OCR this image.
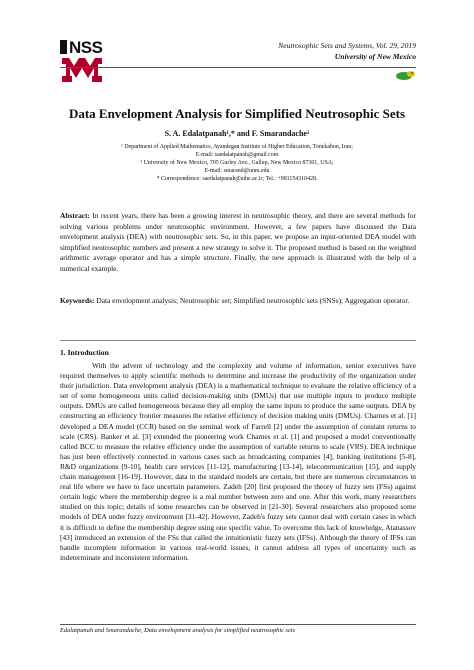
NSS	Neutrosophic Sets and Systems, Vol. 29, 2019
University of New Mexico
Data Envelopment Analysis for Simplified Neutrosophic Sets
S. A. Edalatpanah¹,* and F. Smarandache²
¹ Department of Applied Mathematics, Ayandegan Institute of Higher Education, Tonekabon, Iran;
E-mail: saedalatpanah@gmail.com
² University of New Mexico, 705 Gurley Ave., Gallup, New Mexico 87301, USA;
E-mail: smarand@unm.edu
* Correspondence: saedalatpanah@aihe.ac.ir; Tel.: +981154310428.
Abstract: In recent years, there has been a growing interest in neutrosophic theory, and there are several methods for solving various problems under neutrosophic environment. However, a few papers have discussed the Data envelopment analysis (DEA) with neutrosophic sets. So, in this paper, we propose an input-oriented DEA model with simplified neutrosophic numbers and present a new strategy to solve it. The proposed method is based on the weighted arithmetic average operator and has a simple structure. Finally, the new approach is illustrated with the help of a numerical example.
Keywords: Data envelopment analysis; Neutrosophic set; Simplified neutrosophic sets (SNSs); Aggregation operator.
1. Introduction

With the advent of technology and the complexity and volume of information, senior executives have required themselves to apply scientific methods to determine and increase the productivity of the organization under their jurisdiction. Data envelopment analysis (DEA) is a mathematical technique to evaluate the relative efficiency of a set of some homogeneous units called decision-making units (DMUs) that use multiple inputs to produce multiple outputs. DMUs are called homogeneous because they all employ the same inputs to produce the same outputs. DEA by constructing an efficiency frontier measures the relative efficiency of decision making units (DMUs). Charnes et al. [1] developed a DEA model (CCR) based on the seminal work of Farrell [2] under the assumption of constant returns to scale (CRS). Banker et al. [3] extended the pioneering work Charnes et al. [1] and proposed a model conventionally called BCC to measure the relative efficiency under the assumption of variable returns to scale (VRS). DEA technique has just been effectively connected in various cases such as broadcasting companies [4], banking institutions [5-8], R&D organizations [9-10], health care services [11-12], manufacturing [13-14], telecommunication [15], and supply chain management [16-19]. However, data in the standard models are certain, but there are numerous circumstances in real life where we have to face uncertain parameters. Zadeh [20] first proposed the theory of fuzzy sets (FSs) against certain logic where the membership degree is a real number between zero and one. After this work, many researchers studied on this topic; details of some researches can be observed in [21-30]. Several researchers also proposed some models of DEA under fuzzy environment [31-42]. However, Zadeh's fuzzy sets cannot deal with certain cases in which it is difficult to define the membership degree using one specific value. To overcome this lack of knowledge, Atanassov [43] introduced an extension of the FSs that called the intuitionistic fuzzy sets (IFSs). Although the theory of IFSs can handle incomplete information in various real-world issues, it cannot address all types of uncertainty such as indeterminate and inconsistent information.

Edalatpanah and Smarandache, Data envelopment analysis for simplified neutrosophic sets
